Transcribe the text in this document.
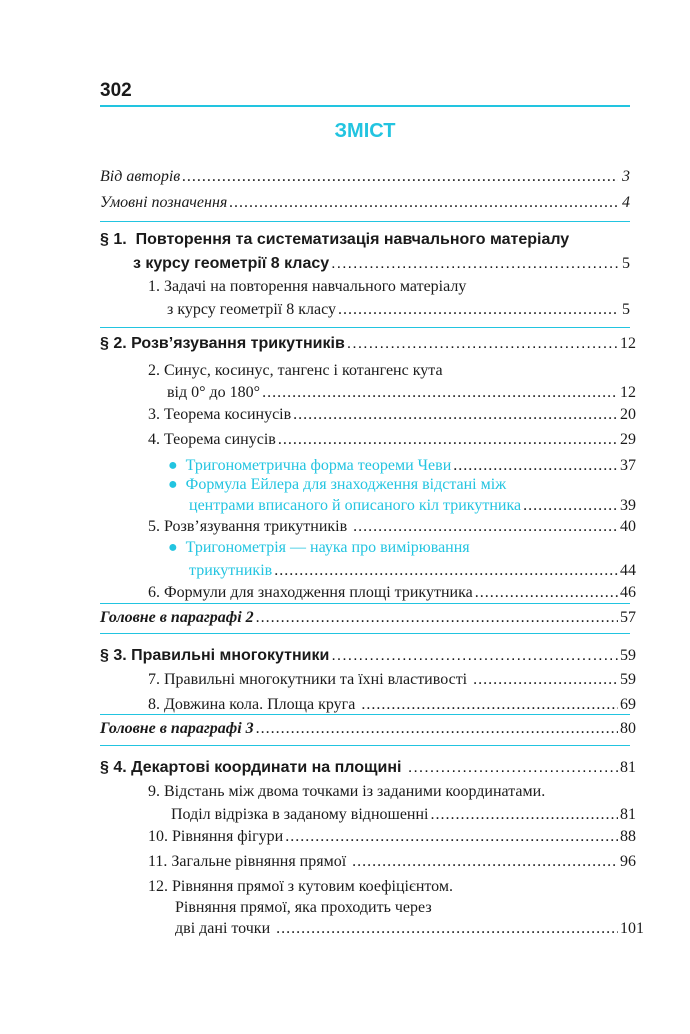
302
ЗМІСТ
Від авторів .....	3
Умовні позначення .....	4
§ 1.  Повторення та систематизація навчального матеріалу
з курсу геометрії 8 класу .....	5
1. Задачі на повторення навчального матеріалу
з курсу геометрії 8 класу .....	5
§ 2. Розв’язування трикутників .....	12
2. Синус, косинус, тангенс і котангенс кута
від 0° до 180° .....	12
3. Теорема косинусів .....	20
4. Теорема синусів .....	29
● Тригонометрична форма теореми Чеви .....	37
● Формула Ейлера для знаходження відстані між
центрами вписаного й описаного кіл трикутника .....	39
5. Розв’язування трикутників .....	40
● Тригонометрія — наука про вимірювання
трикутників .....	44
6. Формули для знаходження площі трикутника .....	46
Головне в параграфі 2 .....	57
§ 3. Правильні многокутники .....	59
7. Правильні многокутники та їхні властивості .....	59
8. Довжина кола. Площа круга .....	69
Головне в параграфі 3 .....	80
§ 4. Декартові координати на площині .....	81
9. Відстань між двома точками із заданими координатами.
Поділ відрізка в заданому відношенні .....	81
10. Рівняння фігури .....	88
11. Загальне рівняння прямої .....	96
12. Рівняння прямої з кутовим коефіцієнтом.
Рівняння прямої, яка проходить через
дві дані точки .....	101
